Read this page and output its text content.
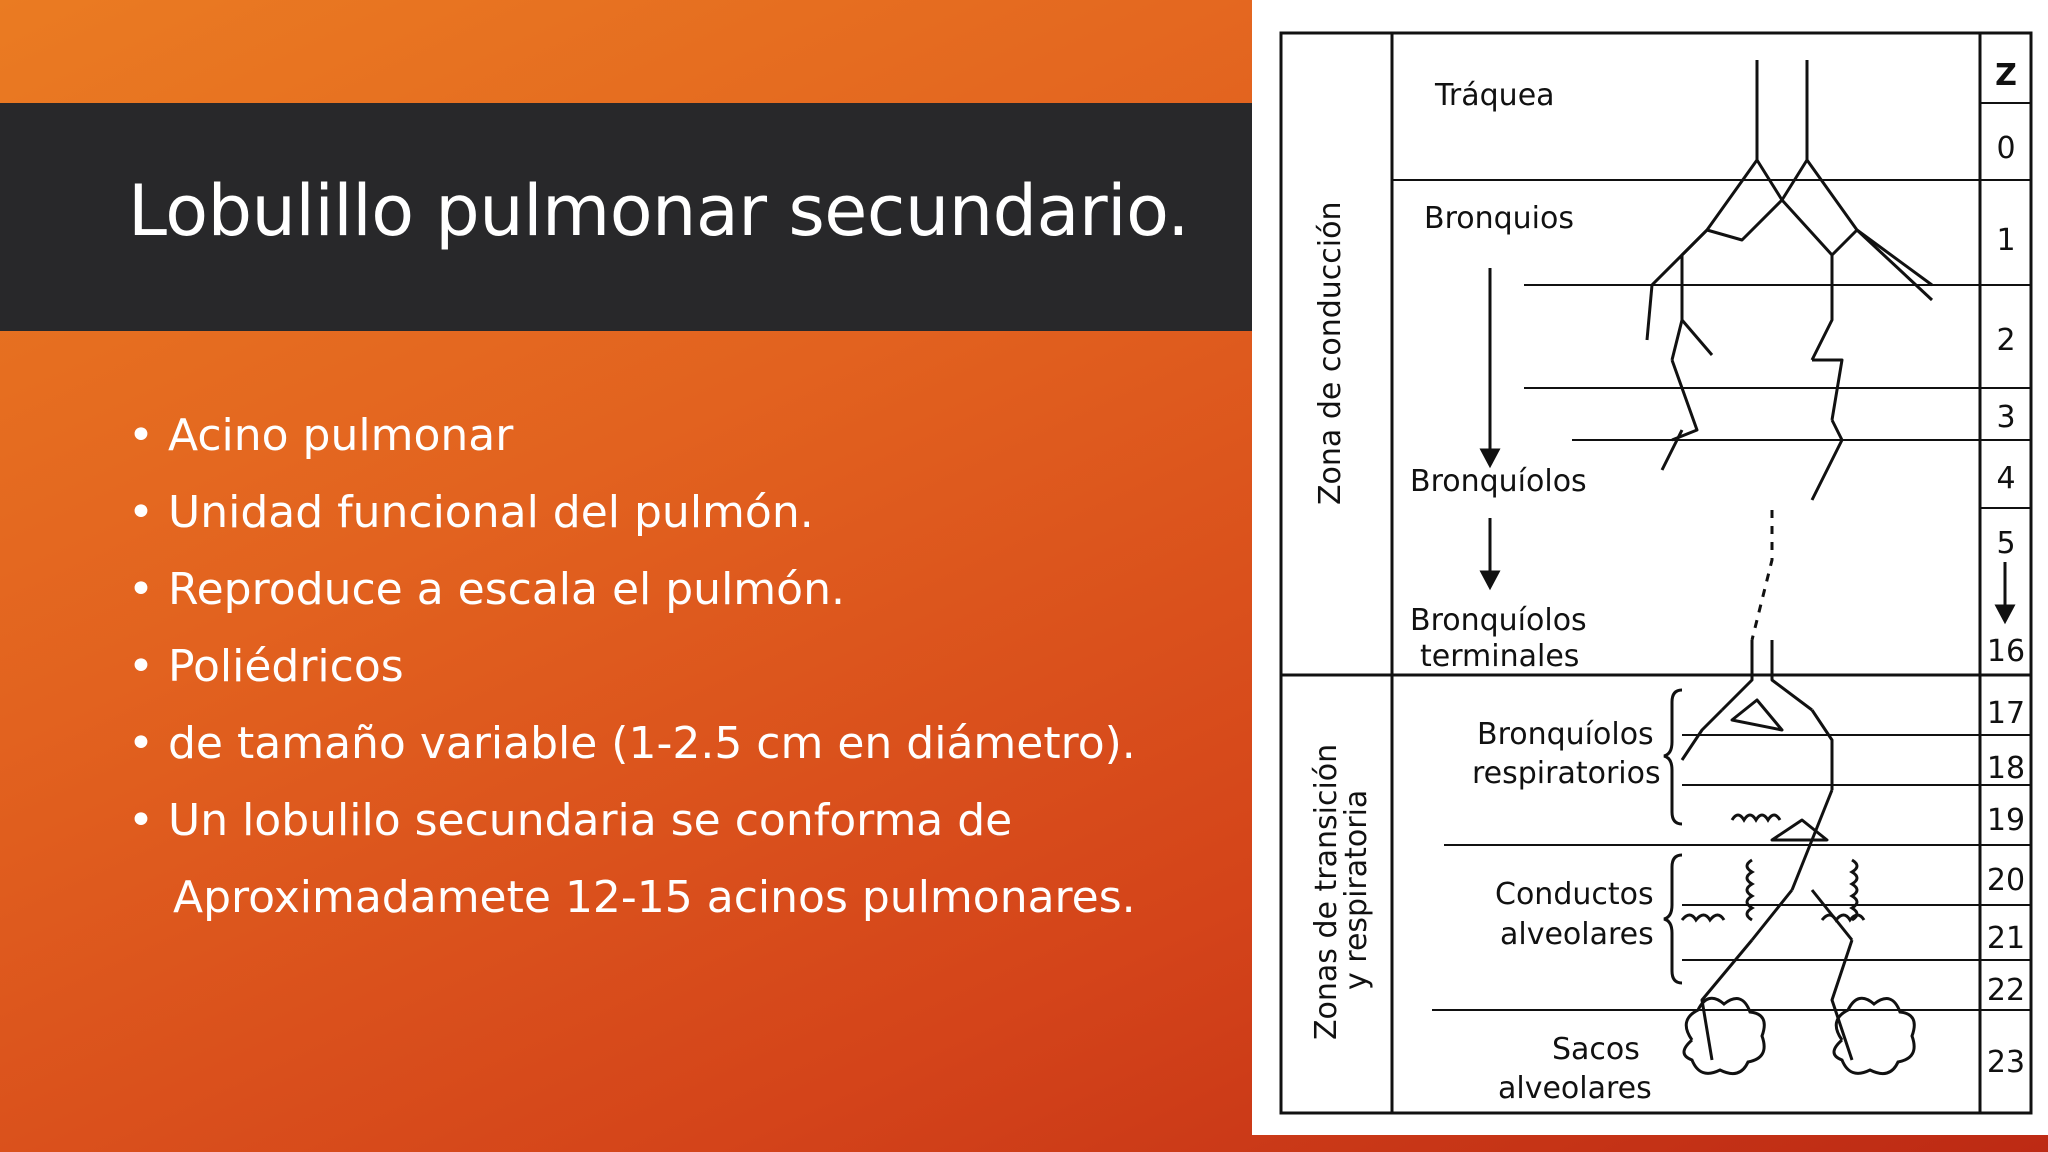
Lobulillo pulmonar secundario.
• Acino pulmonar
• Unidad funcional del pulmón.
• Reproduce a escala el pulmón.
• Poliédricos
• de tamaño variable (1-2.5 cm en diámetro).
• Un lobulilo secundaria se conforma de
Aproximadamete 12-15 acinos pulmonares.
Zona de conducción
Zonas de transición
y respiratoria
Tráquea
Bronquios
Bronquíolos
Bronquíolos
terminales
Bronquíolos
respiratorios
Conductos
alveolares
Sacos
alveolares
Z
0
1
2
3
4
5
16
17
18
19
20
21
22
23
